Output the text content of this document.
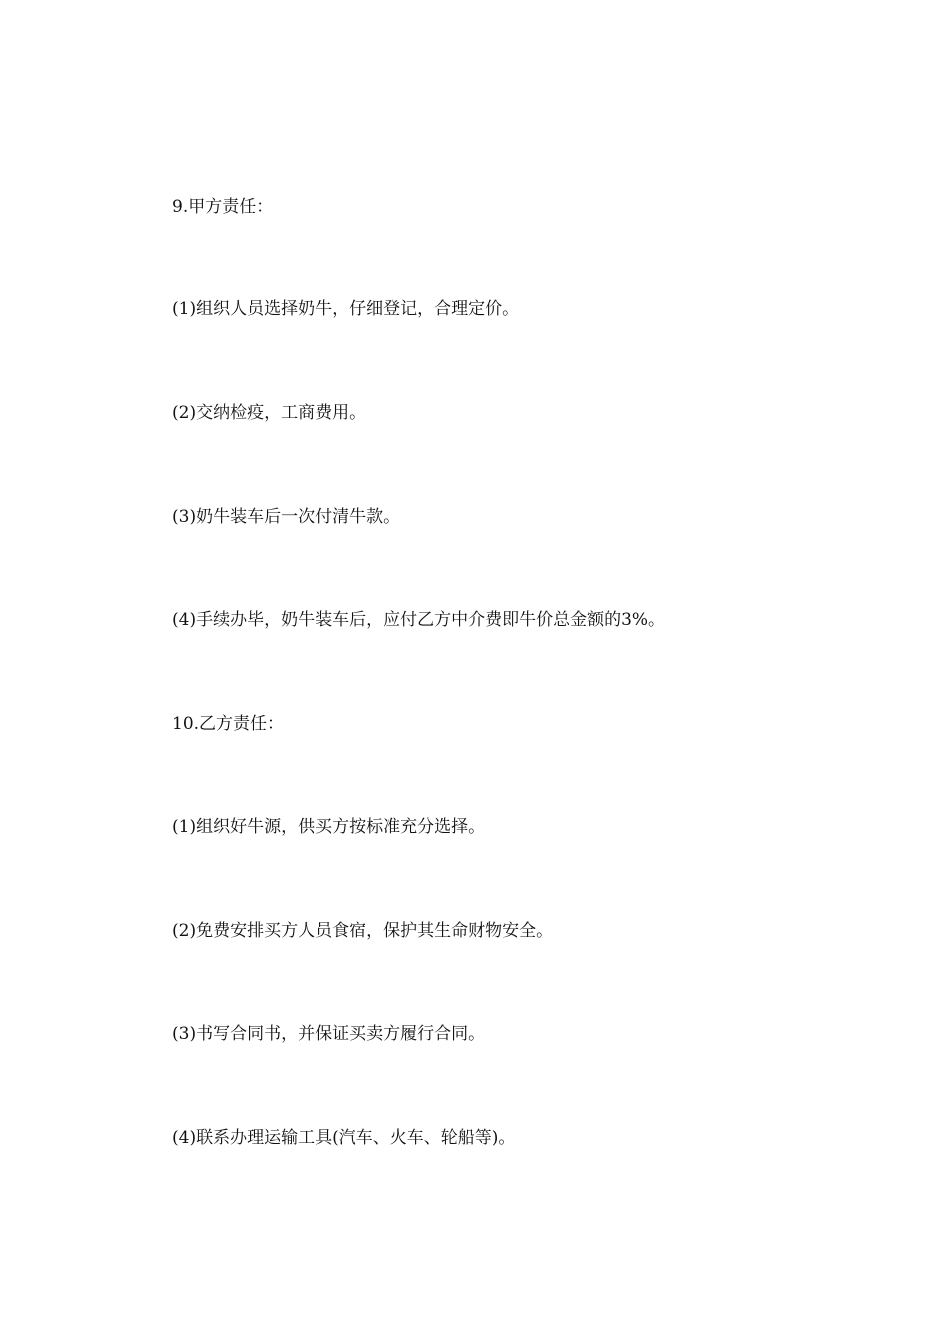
9.甲方责任：

(1)组织人员选择奶牛，仔细登记，合理定价。

(2)交纳检疫，工商费用。

(3)奶牛装车后一次付清牛款。

(4)手续办毕，奶牛装车后，应付乙方中介费即牛价总金额的3%。

10.乙方责任：

(1)组织好牛源，供买方按标准充分选择。

(2)免费安排买方人员食宿，保护其生命财物安全。

(3)书写合同书，并保证买卖方履行合同。

(4)联系办理运输工具(汽车、火车、轮船等)。
